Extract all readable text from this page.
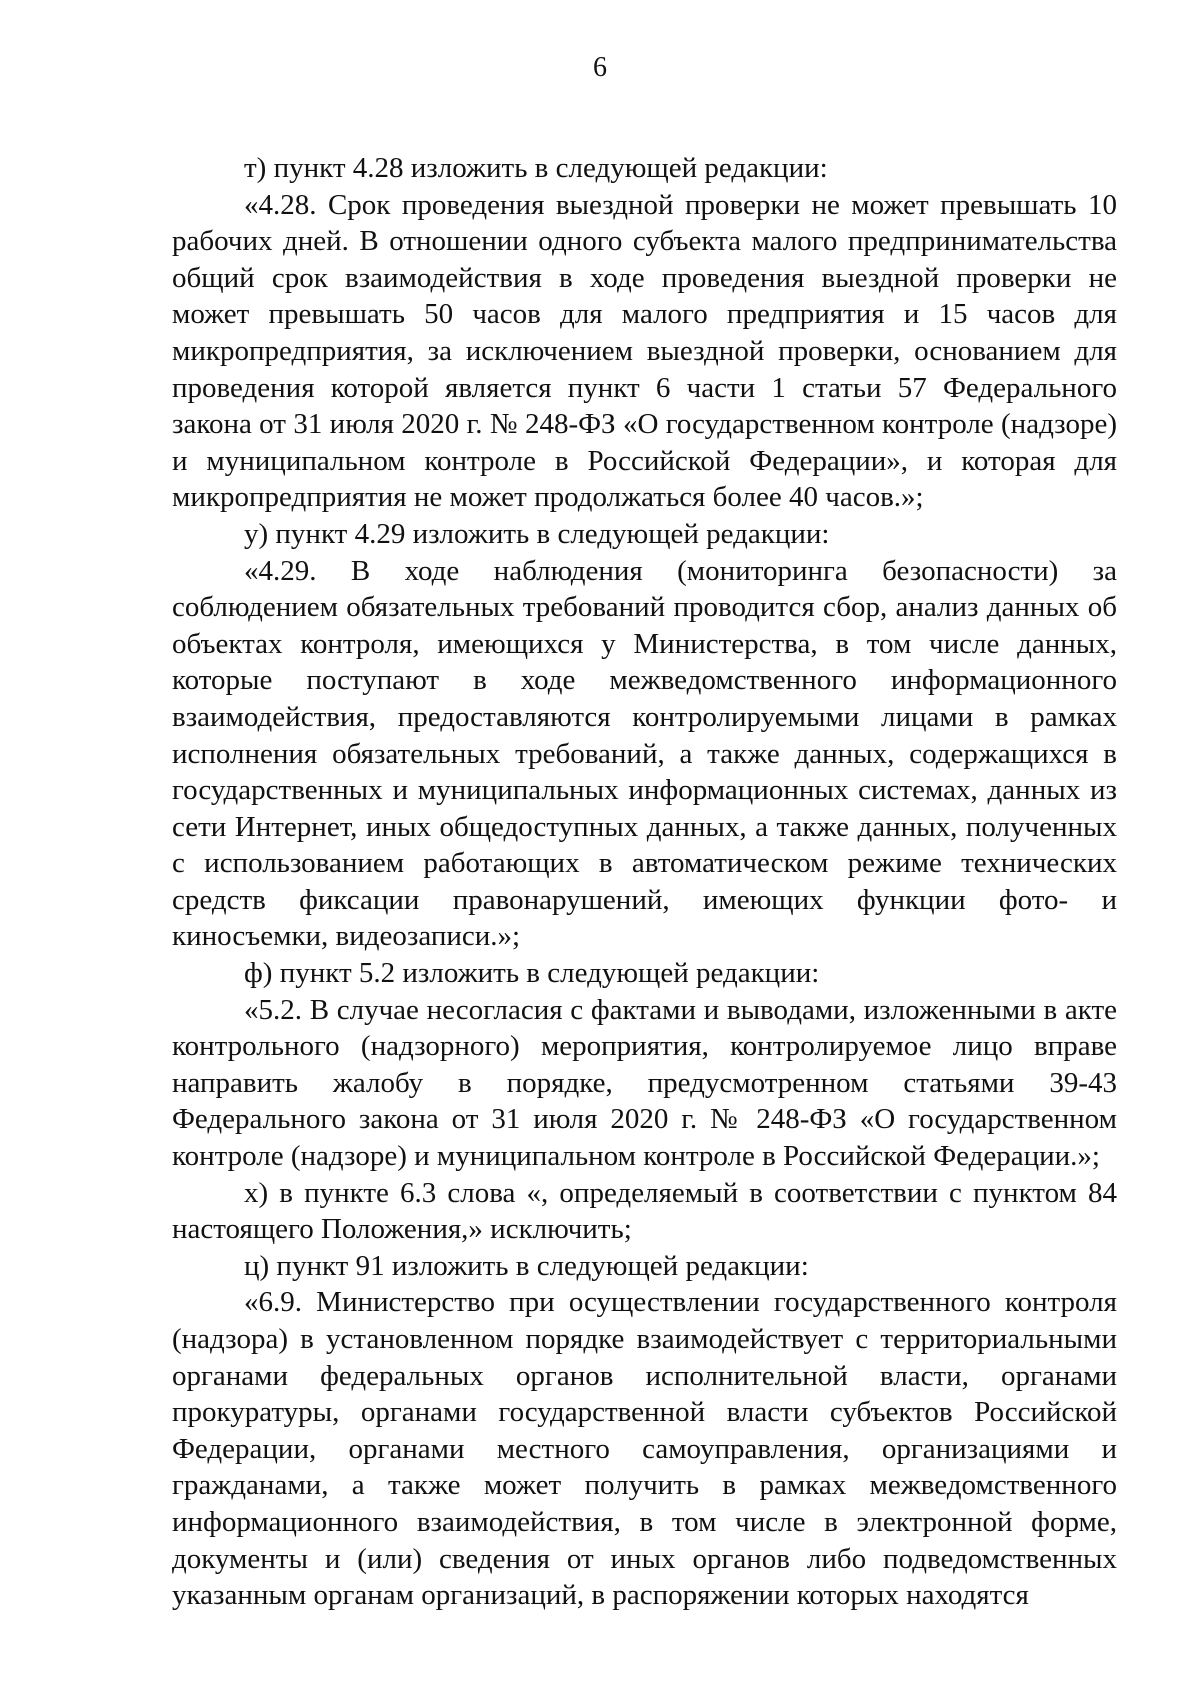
6

т) пункт 4.28 изложить в следующей редакции:

«4.28. Срок проведения выездной проверки не может превышать 10 рабочих дней. В отношении одного субъекта малого предпринимательства общий срок взаимодействия в ходе проведения выездной проверки не может превышать 50 часов для малого предприятия и 15 часов для микропредприятия, за исключением выездной проверки, основанием для проведения которой является пункт 6 части 1 статьи 57 Федерального закона от 31 июля 2020 г. № 248-ФЗ «О государственном контроле (надзоре) и муниципальном контроле в Российской Федерации», и которая для микропредприятия не может продолжаться более 40 часов.»;

у) пункт 4.29 изложить в следующей редакции:

«4.29. В ходе наблюдения (мониторинга безопасности) за соблюдением обязательных требований проводится сбор, анализ данных об объектах контроля, имеющихся у Министерства, в том числе данных, которые поступают в ходе межведомственного информационного взаимодействия, предоставляются контролируемыми лицами в рамках исполнения обязательных требований, а также данных, содержащихся в государственных и муниципальных информационных системах, данных из сети Интернет, иных общедоступных данных, а также данных, полученных с использованием работающих в автоматическом режиме технических средств фиксации правонарушений, имеющих функции фото- и киносъемки, видеозаписи.»;

ф) пункт 5.2 изложить в следующей редакции:

«5.2. В случае несогласия с фактами и выводами, изложенными в акте контрольного (надзорного) мероприятия, контролируемое лицо вправе направить жалобу в порядке, предусмотренном статьями 39-43 Федерального закона от 31 июля 2020 г. № 248-ФЗ «О государственном контроле (надзоре) и муниципальном контроле в Российской Федерации.»;

х) в пункте 6.3 слова «, определяемый в соответствии с пунктом 84 настоящего Положения,» исключить;

ц) пункт 91 изложить в следующей редакции:

«6.9. Министерство при осуществлении государственного контроля (надзора) в установленном порядке взаимодействует с территориальными органами федеральных органов исполнительной власти, органами прокуратуры, органами государственной власти субъектов Российской Федерации, органами местного самоуправления, организациями и гражданами, а также может получить в рамках межведомственного информационного взаимодействия, в том числе в электронной форме, документы и (или) сведения от иных органов либо подведомственных указанным органам организаций, в распоряжении которых находятся
